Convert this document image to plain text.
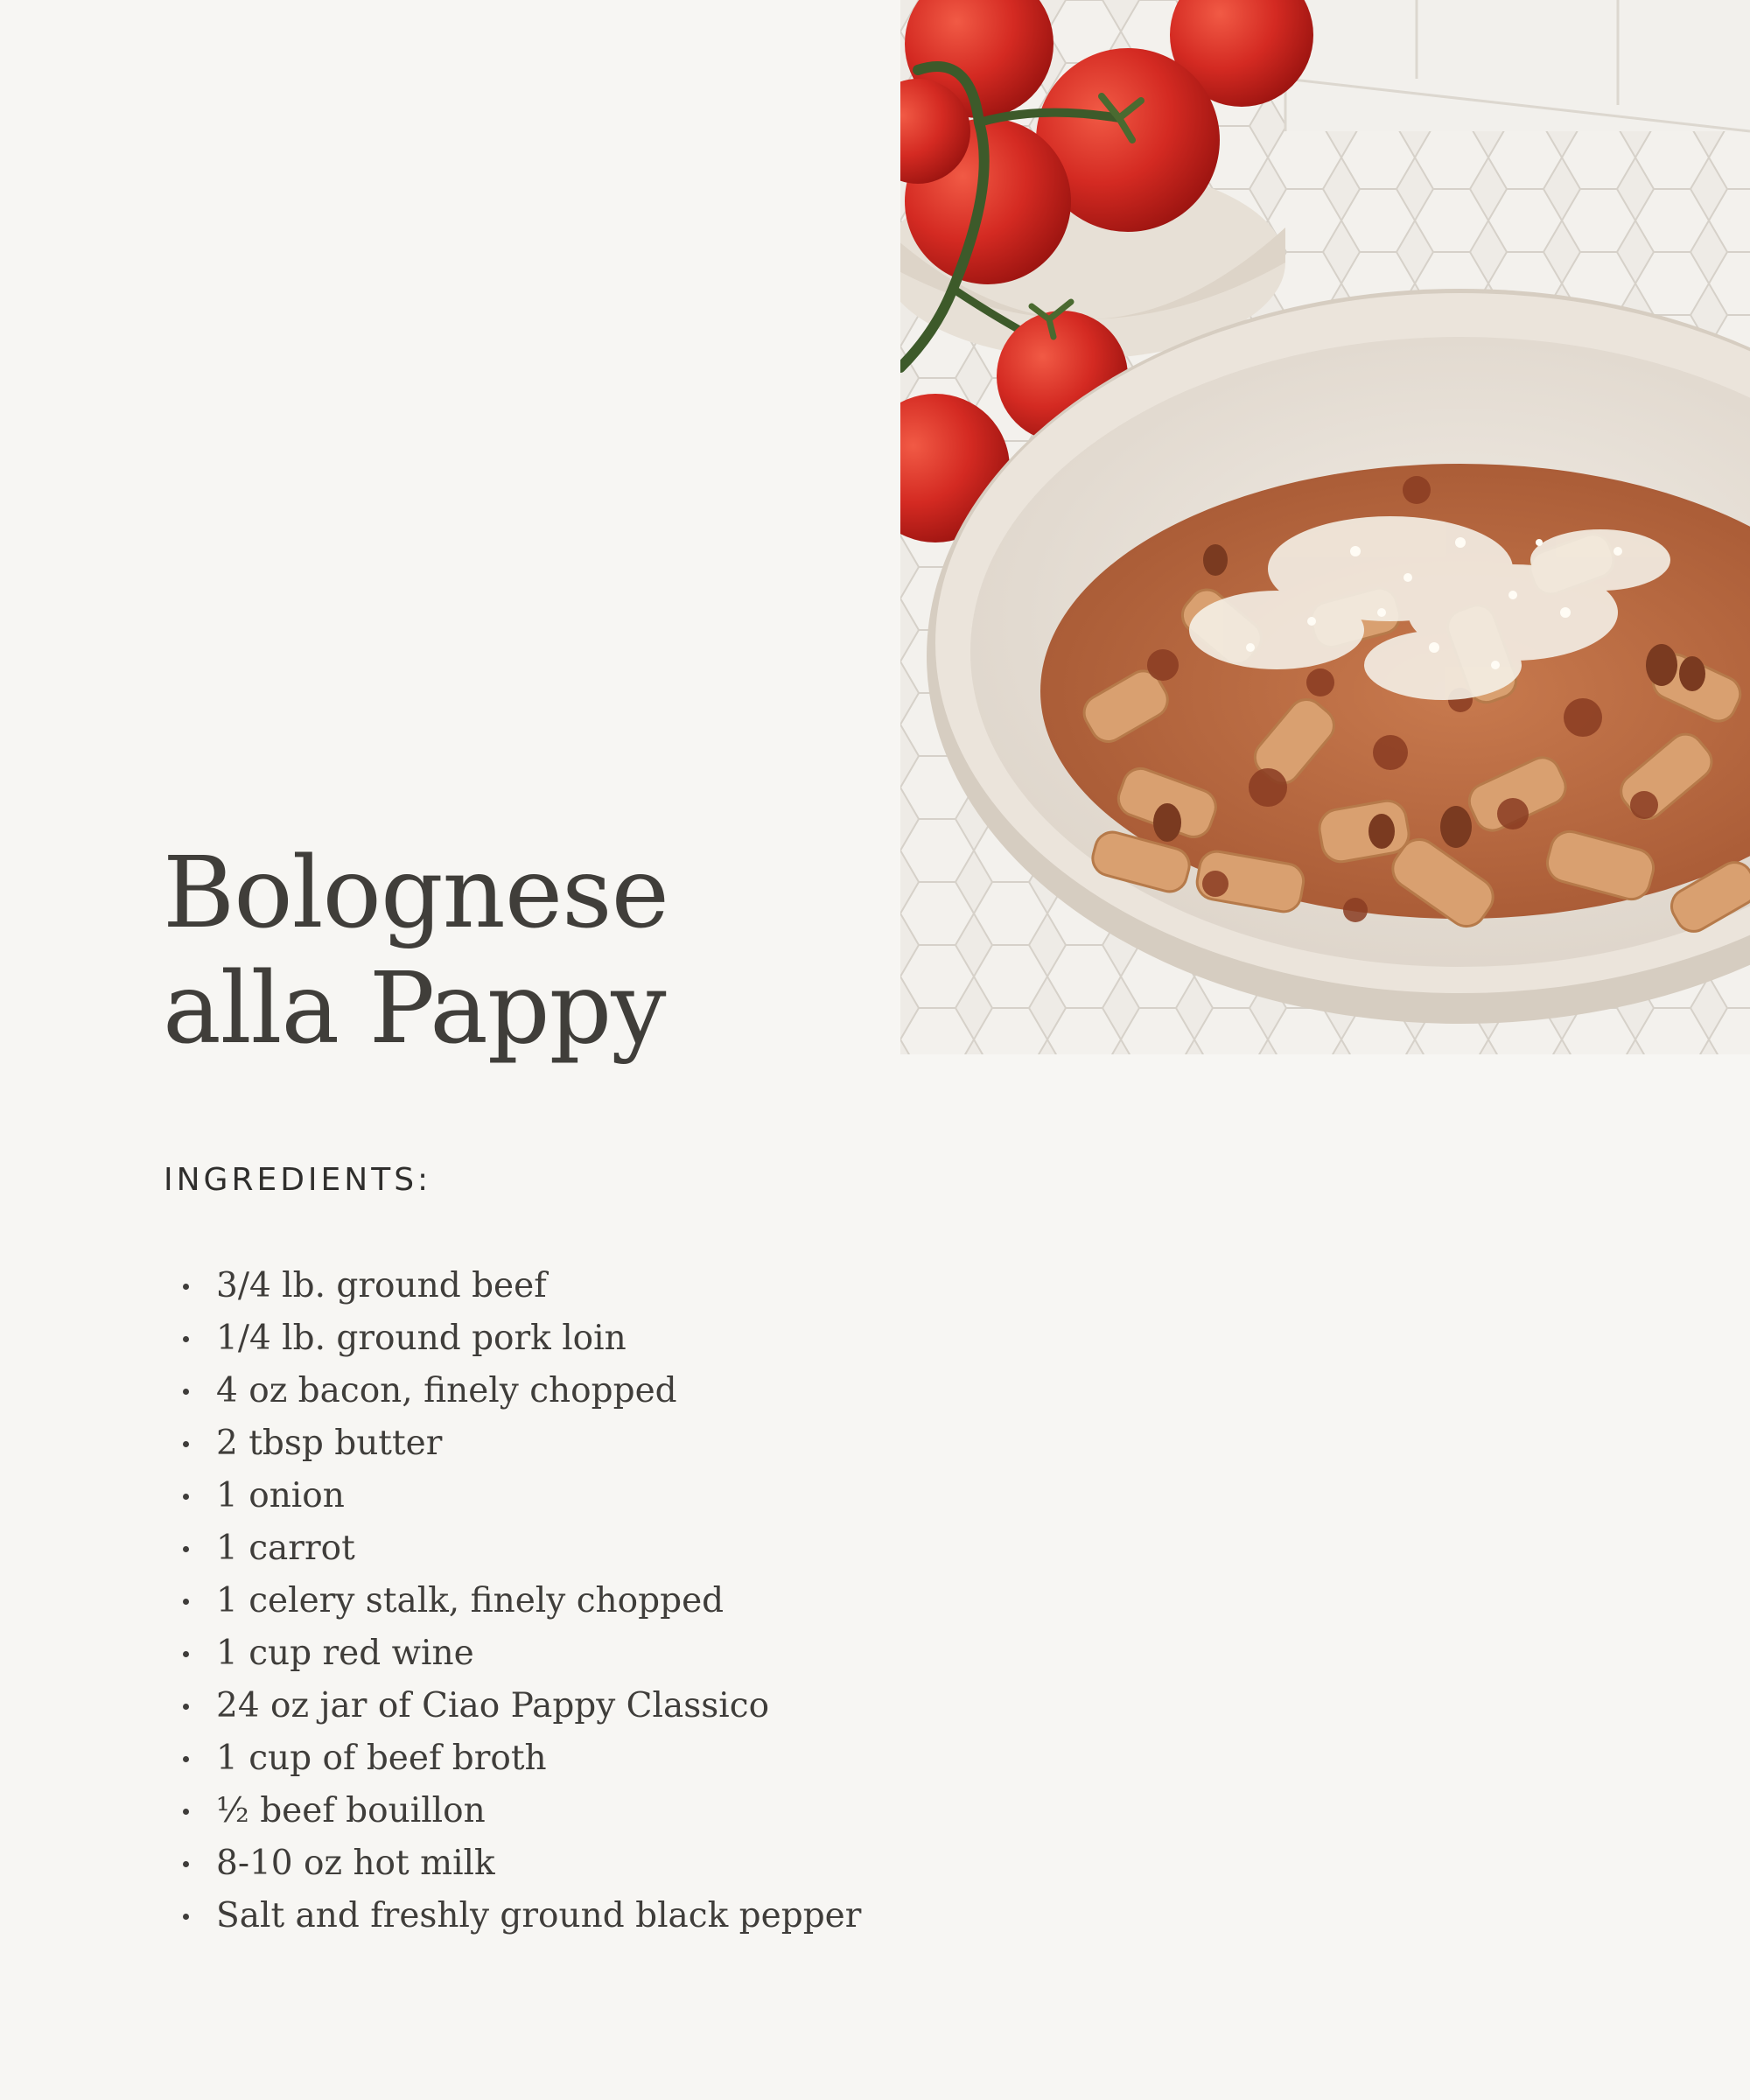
Bolognese
alla Pappy
INGREDIENTS:
3/4 lb. ground beef
1/4 lb. ground pork loin
4 oz bacon, finely chopped
2 tbsp butter
1 onion
1 carrot
1 celery stalk, finely chopped
1 cup red wine
24 oz jar of Ciao Pappy Classico
1 cup of beef broth
½ beef bouillon
8-10 oz hot milk
Salt and freshly ground black pepper
